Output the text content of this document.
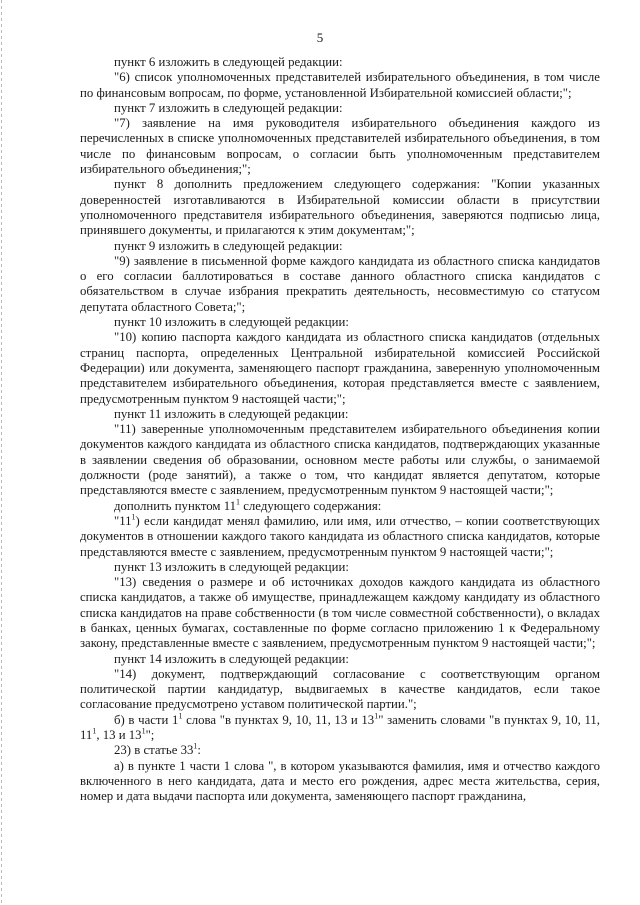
5

пункт 6 изложить в следующей редакции:

"6) список уполномоченных представителей избирательного объединения, в том числе по финансовым вопросам, по форме, установленной Избирательной комиссией области;";

пункт 7 изложить в следующей редакции:

"7) заявление на имя руководителя избирательного объединения каждого из перечисленных в списке уполномоченных представителей избирательного объединения, в том числе по финансовым вопросам, о согласии быть уполномоченным представителем избирательного объединения;";

пункт 8 дополнить предложением следующего содержания: "Копии указанных доверенностей изготавливаются в Избирательной комиссии области в присутствии уполномоченного представителя избирательного объединения, заверяются подписью лица, принявшего документы, и прилагаются к этим документам;";

пункт 9 изложить в следующей редакции:

"9) заявление в письменной форме каждого кандидата из областного списка кандидатов о его согласии баллотироваться в составе данного областного списка кандидатов с обязательством в случае избрания прекратить деятельность, несовместимую со статусом депутата областного Совета;";

пункт 10 изложить в следующей редакции:

"10) копию паспорта каждого кандидата из областного списка кандидатов (отдельных страниц паспорта, определенных Центральной избирательной комиссией Российской Федерации) или документа, заменяющего паспорт гражданина, заверенную уполномоченным представителем избирательного объединения, которая представляется вместе с заявлением, предусмотренным пунктом 9 настоящей части;";

пункт 11 изложить в следующей редакции:

"11) заверенные уполномоченным представителем избирательного объединения копии документов каждого кандидата из областного списка кандидатов, подтверждающих указанные в заявлении сведения об образовании, основном месте работы или службы, о занимаемой должности (роде занятий), а также о том, что кандидат является депутатом, которые представляются вместе с заявлением, предусмотренным пунктом 9 настоящей части;";

дополнить пунктом $11^1$ следующего содержания:

"$11^1$) если кандидат менял фамилию, или имя, или отчество, – копии соответствующих документов в отношении каждого такого кандидата из областного списка кандидатов, которые представляются вместе с заявлением, предусмотренным пунктом 9 настоящей части;";

пункт 13 изложить в следующей редакции:

"13) сведения о размере и об источниках доходов каждого кандидата из областного списка кандидатов, а также об имуществе, принадлежащем каждому кандидату из областного списка кандидатов на праве собственности (в том числе совместной собственности), о вкладах в банках, ценных бумагах, составленные по форме согласно приложению 1 к Федеральному закону, представленные вместе с заявлением, предусмотренным пунктом 9 настоящей части;";

пункт 14 изложить в следующей редакции:

"14) документ, подтверждающий согласование с соответствующим органом политической партии кандидатур, выдвигаемых в качестве кандидатов, если такое согласование предусмотрено уставом политической партии.";

б) в части $1^1$ слова "в пунктах 9, 10, 11, 13 и $13^1$" заменить словами "в пунктах 9, 10, 11, $11^1$, 13 и $13^1$";

23) в статье $33^1$:

а) в пункте 1 части 1 слова ", в котором указываются фамилия, имя и отчество каждого включенного в него кандидата, дата и место его рождения, адрес места жительства, серия, номер и дата выдачи паспорта или документа, заменяющего паспорт гражданина,
